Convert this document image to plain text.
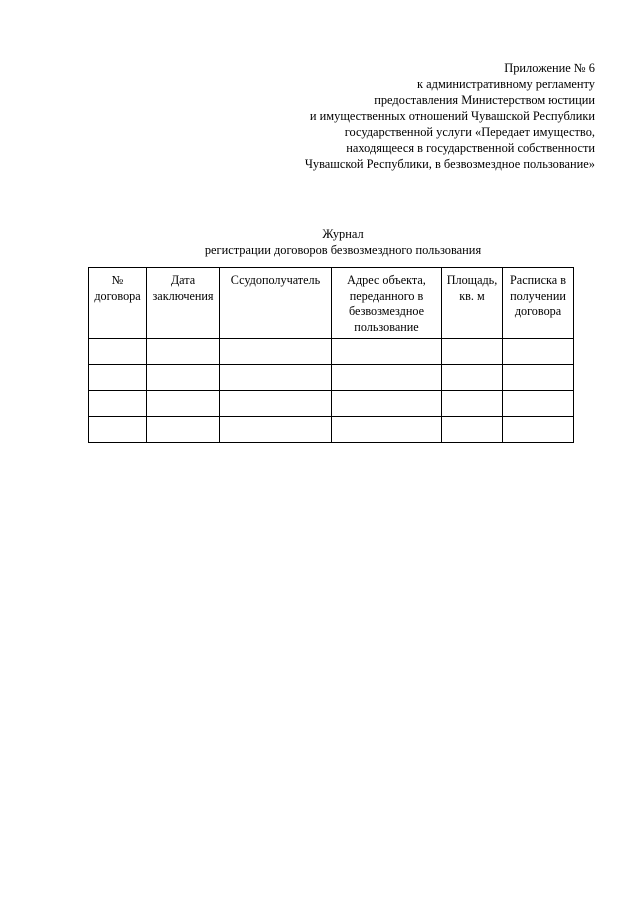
Приложение № 6
к административному регламенту
предоставления Министерством юстиции
и имущественных отношений Чувашской Республики
государственной услуги «Передает имущество,
находящееся в государственной собственности
Чувашской Республики, в безвозмездное пользование»
Журнал
регистрации договоров безвозмездного пользования
№ договора	Дата заключения	Ссудополучатель	Адрес объекта, переданного в безвозмездное пользование	Площадь, кв. м	Расписка в получении договора
